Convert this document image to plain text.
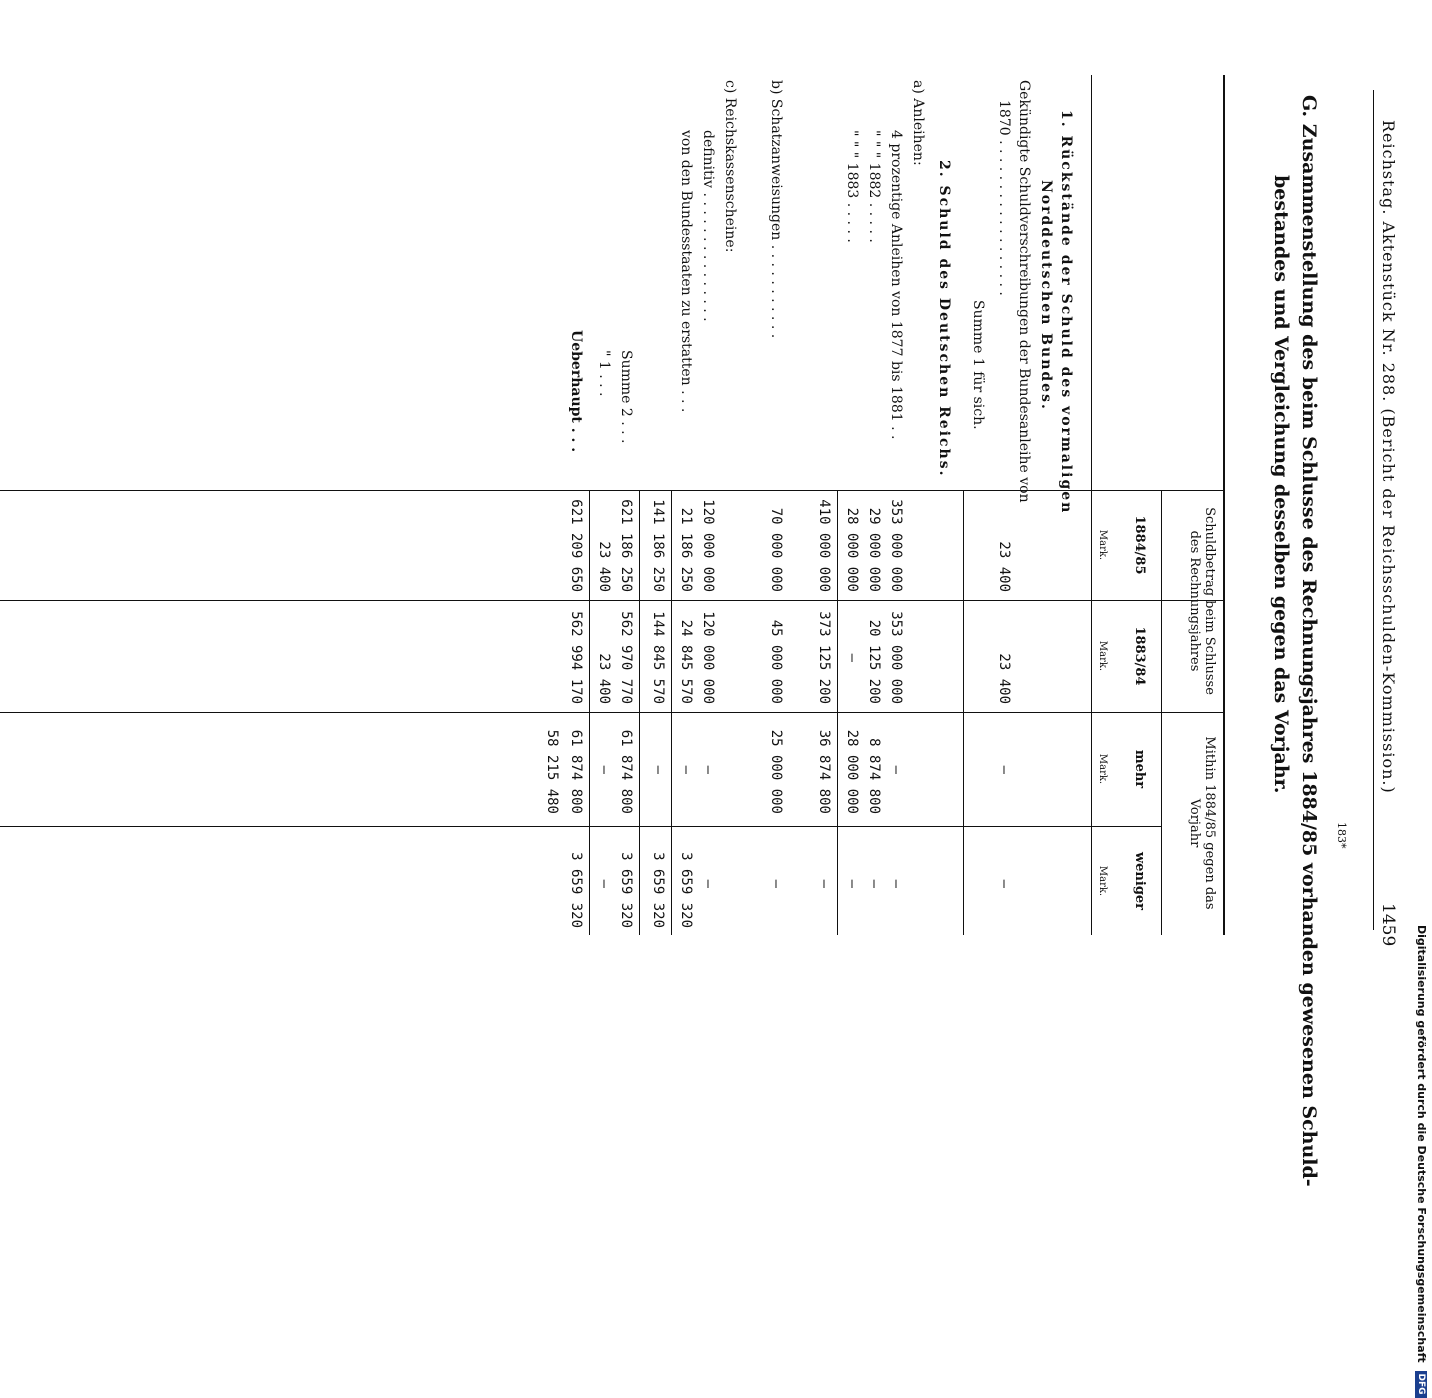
Reichstag. Aktenstück Nr. 288. (Bericht der Reichsschulden-Kommission.)
1459
G. Zusammenstellung des beim Schlusse des Rechnungsjahres 1884/85 vorhanden gewesenen Schuld-
bestandes und Vergleichung desselben gegen das Vorjahr.
Schuldbetrag beim Schlusse des Rechnungsjahres
1884/85
Mark.
1883/84
Mark.
Mithin 1884/85 gegen das Vorjahr
mehr
Mark.
weniger
Mark.
1. Rückstände der Schuld des vormaligen
Norddeutschen Bundes.
Gekündigte Schuldverschreibungen der Bundesanleihe von
1870 . . . . . . . . . . . . . . . . . .
Summe 1 für sich.
23 400
23 400
—
—
2. Schuld des Deutschen Reichs.
a) Anleihen:
4 prozentige Anleihen von 1877 bis 1881 . .
353 000 000
353 000 000
—
—
" " " 1882 . . . . .
29 000 000
20 125 200
8 874 800
—
" " " 1883 . . . . .
28 000 000
—
28 000 000
—
410 000 000
373 125 200
36 874 800
—
b) Schatzanweisungen . . . . . . . . . . .
70 000 000
45 000 000
25 000 000
—
c) Reichskassenscheine:
definitiv . . . . . . . . . . . . . . .
120 000 000
120 000 000
—
—
von den Bundesstaaten zu erstatten . . .
21 186 250
24 845 570
—
3 659 320
141 186 250
144 845 570
—
3 659 320
Summe 2 . . .
621 186 250
562 970 770
61 874 800
3 659 320
" 1 . . .
23 400
23 400
—
—
Ueberhaupt . . .
621 209 650
562 994 170
61 874 800
3 659 320
58 215 480
183*
Digitalisierung gefördert durch die Deutsche Forschungsgemeinschaft DFG
